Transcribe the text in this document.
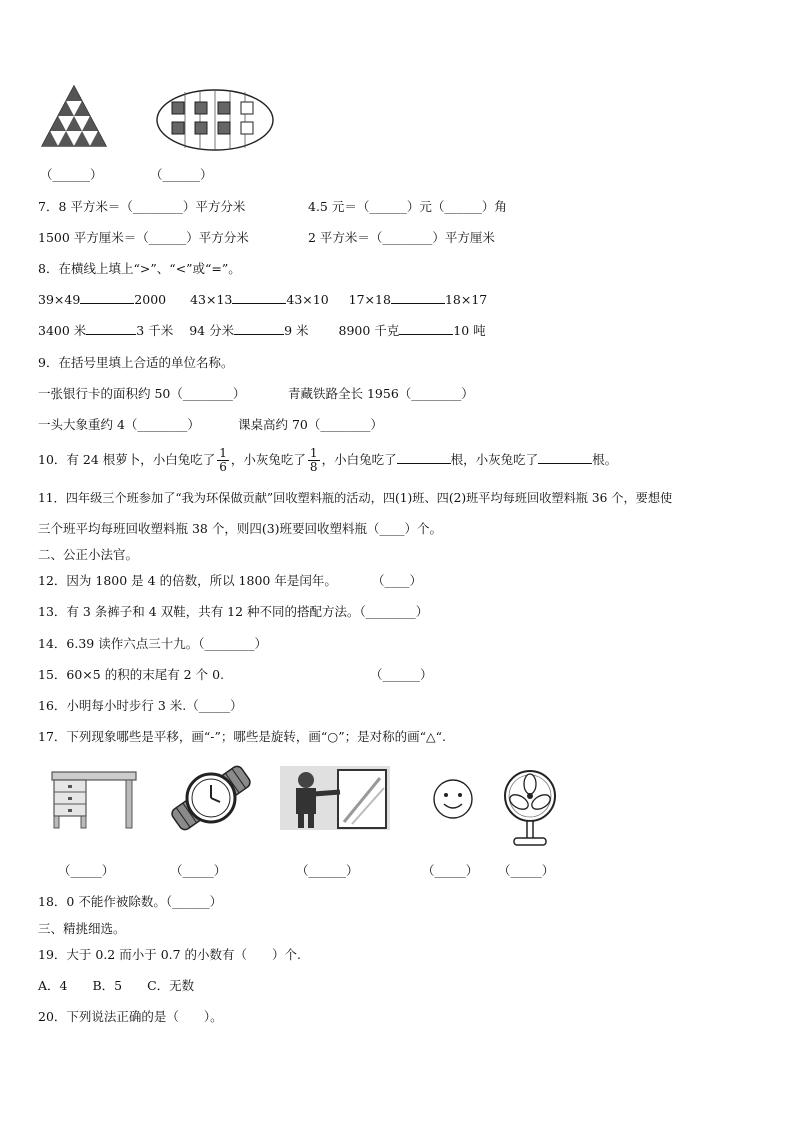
（______）	（______）
7．8 平方米＝（________）平方分米	4.5 元＝（______）元（______）角
1500 平方厘米＝（______）平方分米	2 平方米＝（________）平方厘米
8．在横线上填上“>”、“<”或“=”。
39×49	2000 43×13	43×10 17×18	18×17
3400 米	3 千米 94 分米	9 米 8900 千克	10 吨
9．在括号里填上合适的单位名称。
一张银行卡的面积约 50（________）	青藏铁路全长 1956（________）
一头大象重约 4（________）	课桌高约 70（________）
10．有 24 根萝卜，小白兔吃了 $\frac{1}{6}$ ，小灰兔吃了 $\frac{1}{8}$ ，小白兔吃了	根，小灰兔吃了	根。
11．四年级三个班参加了“我为环保做贡献”回收塑料瓶的活动，四(1)班、四(2)班平均每班回收塑料瓶 36 个，要想使
三个班平均每班回收塑料瓶 38 个，则四(3)班要回收塑料瓶（____）个。
二、公正小法官。
12．因为 1800 是 4 的倍数，所以 1800 年是闰年。	（____）
13．有 3 条裤子和 4 双鞋，共有 12 种不同的搭配方法。（________）
14．6.39 读作六点三十九。（________）
15．60×5 的积的末尾有 2 个 0.	（______）
16．小明每小时步行 3 米.（_____）
17．下列现象哪些是平移，画“-”；哪些是旋转，画“○”；是对称的画“△“.
（_____）	（_____）	（______）	（_____） （_____）
18．0 不能作被除数。（______）
三、精挑细选。
19．大于 0.2 而小于 0.7 的小数有（　　）个.
A．4　　B．5　　C．无数
20．下列说法正确的是（　　）。
